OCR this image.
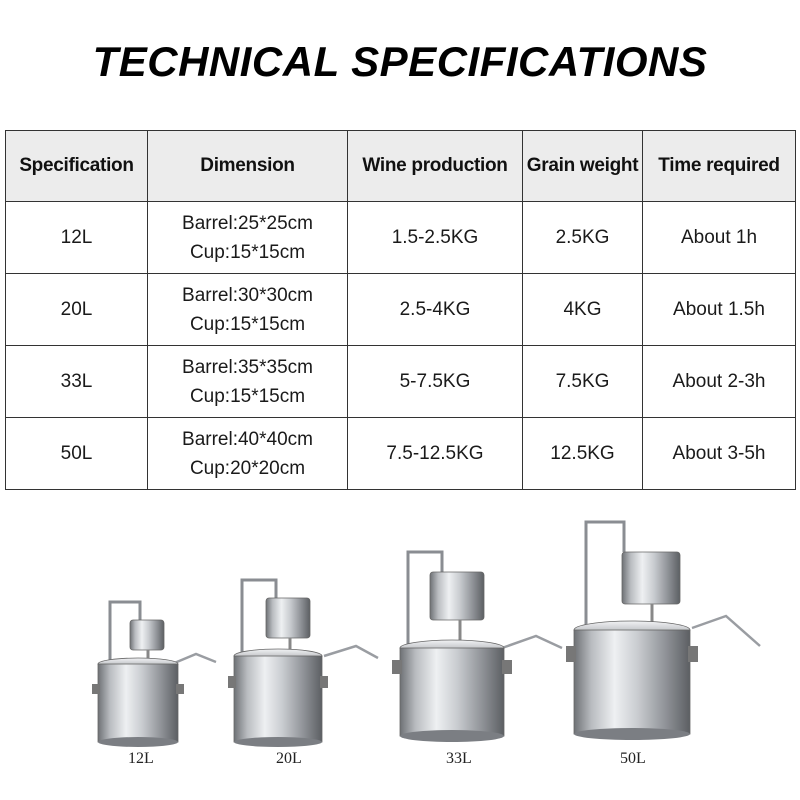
TECHNICAL SPECIFICATIONS
Specification	Dimension	Wine production	Grain weight	Time required
12L	Barrel:25*25cm
Cup:15*15cm	1.5-2.5KG	2.5KG	About 1h
20L	Barrel:30*30cm
Cup:15*15cm	2.5-4KG	4KG	About 1.5h
33L	Barrel:35*35cm
Cup:15*15cm	5-7.5KG	7.5KG	About 2-3h
50L	Barrel:40*40cm
Cup:20*20cm	7.5-12.5KG	12.5KG	About 3-5h
12L	20L	33L	50L
